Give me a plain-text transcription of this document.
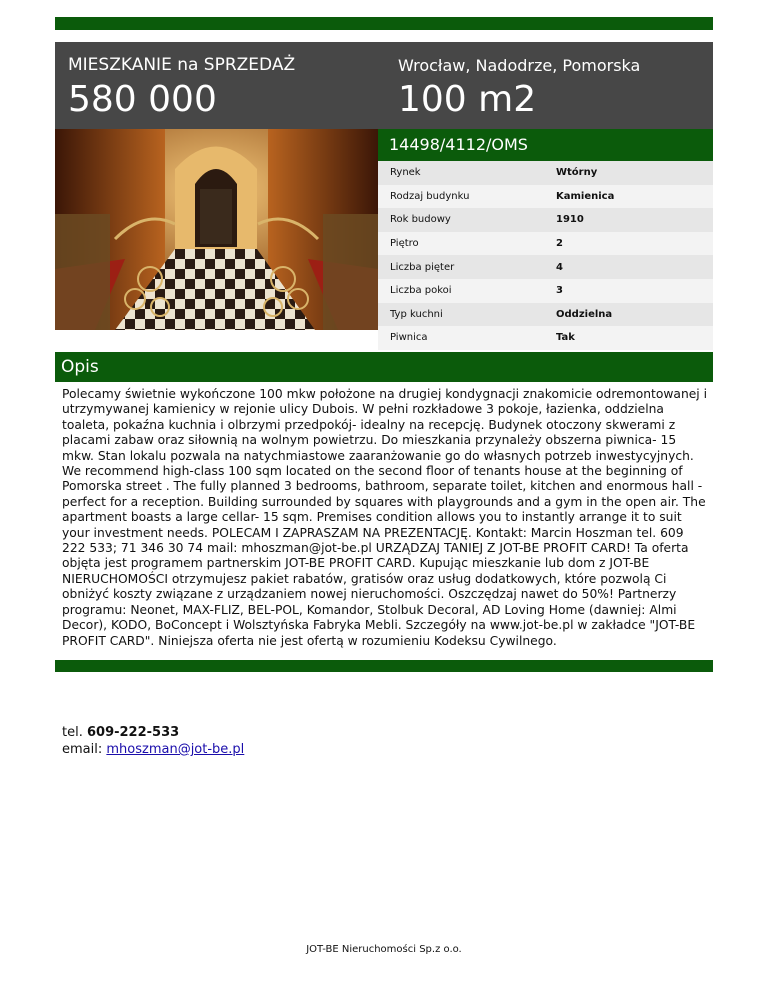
MIESZKANIE na SPRZEDAŻ
580 000
Wrocław, Nadodrze, Pomorska
100 m2
14498/4112/OMS
Rynek	Wtórny
Rodzaj budynku	Kamienica
Rok budowy	1910
Piętro	2
Liczba pięter	4
Liczba pokoi	3
Typ kuchni	Oddzielna
Piwnica	Tak
Opis
Polecamy świetnie wykończone 100 mkw położone na drugiej kondygnacji znakomicie odremontowanej i utrzymywanej kamienicy w rejonie ulicy Dubois. W pełni rozkładowe 3 pokoje, łazienka, oddzielna toaleta, pokaźna kuchnia i olbrzymi przedpokój- idealny na recepcję. Budynek otoczony skwerami z placami zabaw oraz siłownią na wolnym powietrzu. Do mieszkania przynależy obszerna piwnica- 15 mkw. Stan lokalu pozwala na natychmiastowe zaaranżowanie go do własnych potrzeb inwestycyjnych. We recommend high-class 100 sqm located on the second floor of tenants house at the beginning of Pomorska street . The fully planned 3 bedrooms, bathroom, separate toilet, kitchen and enormous hall - perfect for a reception. Building surrounded by squares with playgrounds and a gym in the open air. The apartment boasts a large cellar- 15 sqm. Premises condition allows you to instantly arrange it to suit your investment needs. POLECAM I ZAPRASZAM NA PREZENTACJĘ. Kontakt: Marcin Hoszman tel. 609 222 533; 71 346 30 74 mail: mhoszman@jot-be.pl URZĄDZAJ TANIEJ Z JOT-BE PROFIT CARD! Ta oferta objęta jest programem partnerskim JOT-BE PROFIT CARD. Kupując mieszkanie lub dom z JOT-BE NIERUCHOMOŚCI otrzymujesz pakiet rabatów, gratisów oraz usług dodatkowych, które pozwolą Ci obniżyć koszty związane z urządzaniem nowej nieruchomości. Oszczędzaj nawet do 50%! Partnerzy programu: Neonet, MAX-FLIZ, BEL-POL, Komandor, Stolbuk Decoral, AD Loving Home (dawniej: Almi Decor), KODO, BoConcept i Wolsztyńska Fabryka Mebli. Szczegóły na www.jot-be.pl w zakładce "JOT-BE PROFIT CARD". Niniejsza oferta nie jest ofertą w rozumieniu Kodeksu Cywilnego.
tel. 609-222-533
email: mhoszman@jot-be.pl
JOT-BE Nieruchomości Sp.z o.o.
